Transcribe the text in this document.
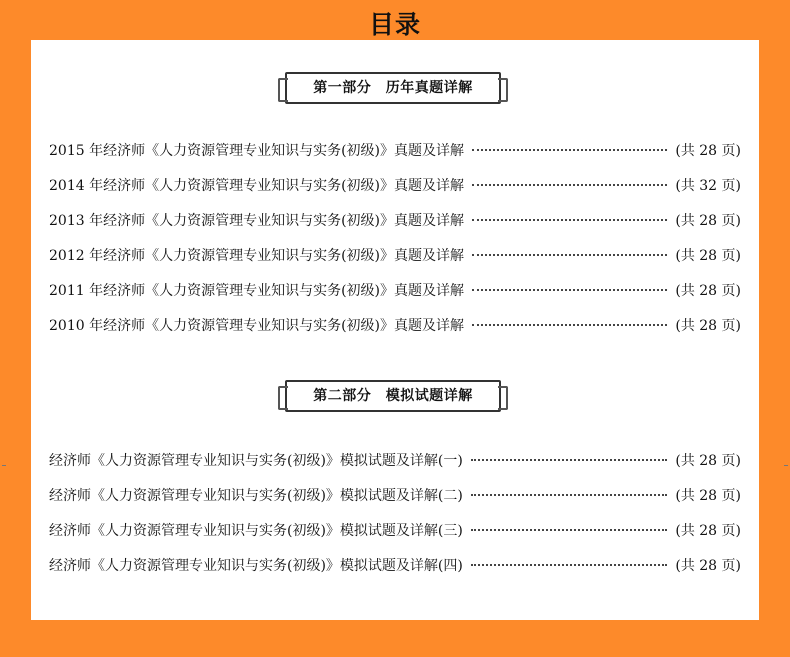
目录
第一部分　历年真题详解
2015 年经济师《人力资源管理专业知识与实务(初级)》真题及详解	(共 28 页)
2014 年经济师《人力资源管理专业知识与实务(初级)》真题及详解	(共 32 页)
2013 年经济师《人力资源管理专业知识与实务(初级)》真题及详解	(共 28 页)
2012 年经济师《人力资源管理专业知识与实务(初级)》真题及详解	(共 28 页)
2011 年经济师《人力资源管理专业知识与实务(初级)》真题及详解	(共 28 页)
2010 年经济师《人力资源管理专业知识与实务(初级)》真题及详解	(共 28 页)
第二部分　模拟试题详解
经济师《人力资源管理专业知识与实务(初级)》模拟试题及详解(一)	(共 28 页)
经济师《人力资源管理专业知识与实务(初级)》模拟试题及详解(二)	(共 28 页)
经济师《人力资源管理专业知识与实务(初级)》模拟试题及详解(三)	(共 28 页)
经济师《人力资源管理专业知识与实务(初级)》模拟试题及详解(四)	(共 28 页)
